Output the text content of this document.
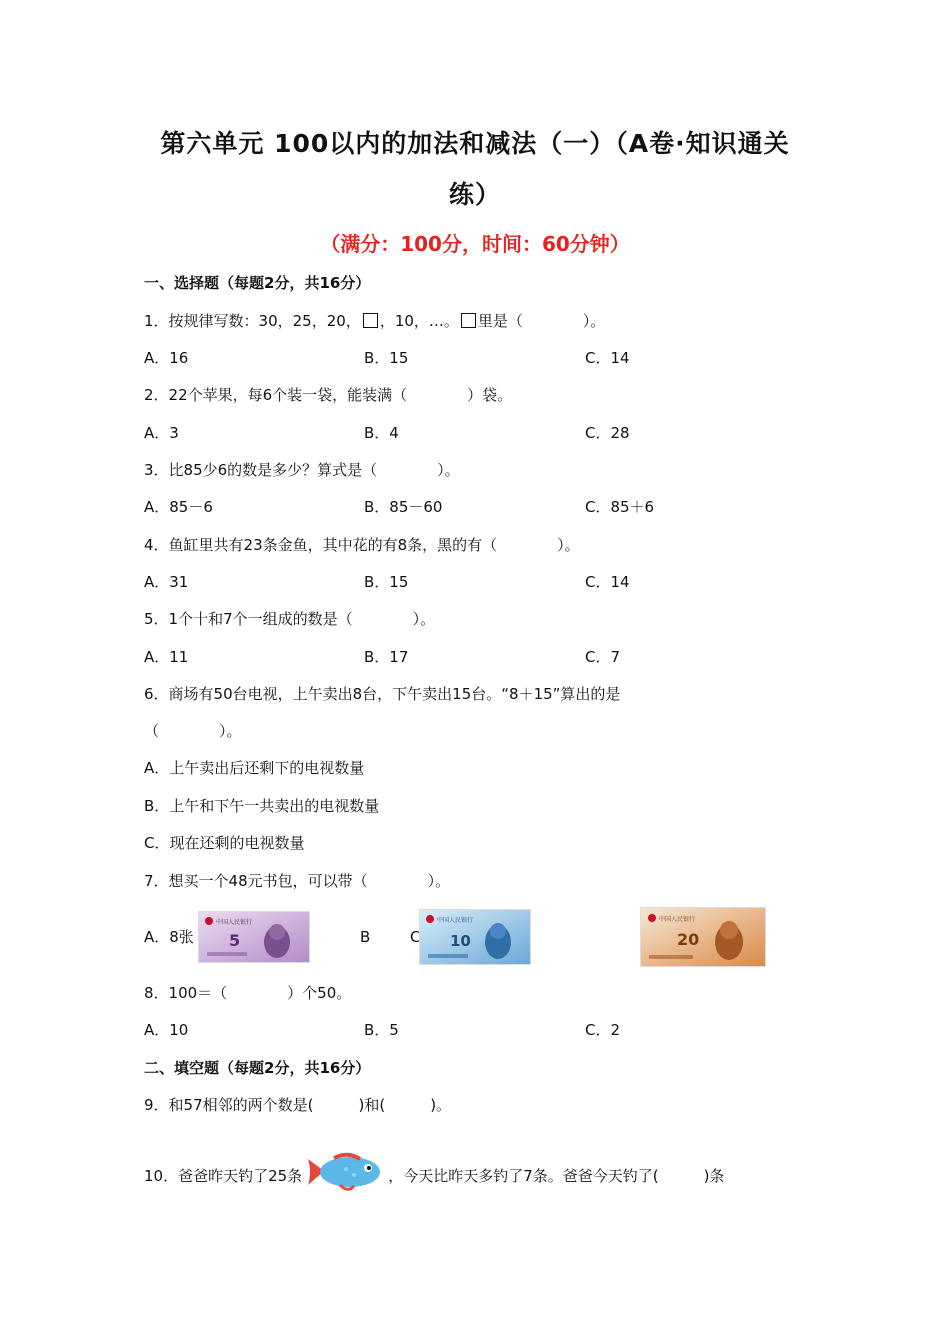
第六单元 100以内的加法和减法（一）（A卷·知识通关
练）
（满分：100分，时间：60分钟）
一、选择题（每题2分，共16分）
1．按规律写数：30，25，20， ，10，…。 里是（　　　　）。
A．16	B．15	C．14
2．22个苹果，每6个装一袋，能装满（　　　　）袋。
A．3	B．4	C．28
3．比85少6的数是多少？算式是（　　　　）。
A．85－6	B．85－60	C．85＋6
4．鱼缸里共有23条金鱼，其中花的有8条，黑的有（　　　　）。
A．31	B．15	C．14
5．1个十和7个一组成的数是（　　　　）。
A．11	B．17	C．7
6．商场有50台电视，上午卖出8台，下午卖出15台。“8＋15”算出的是
（　　　　）。
A．上午卖出后还剩下的电视数量
B．上午和下午一共卖出的电视数量
C．现在还剩的电视数量
7．想买一个48元书包，可以带（　　　　）。
A．8张	B	C
中国人民银行
5
中国人民银行
10
中国人民银行
20
8．100＝（　　　　）个50。
A．10	B．5	C．2
二、填空题（每题2分，共16分）
9．和57相邻的两个数是(　　　)和(　　　)。
10．爸爸昨天钓了25条	，今天比昨天多钓了7条。爸爸今天钓了(　　　)条
